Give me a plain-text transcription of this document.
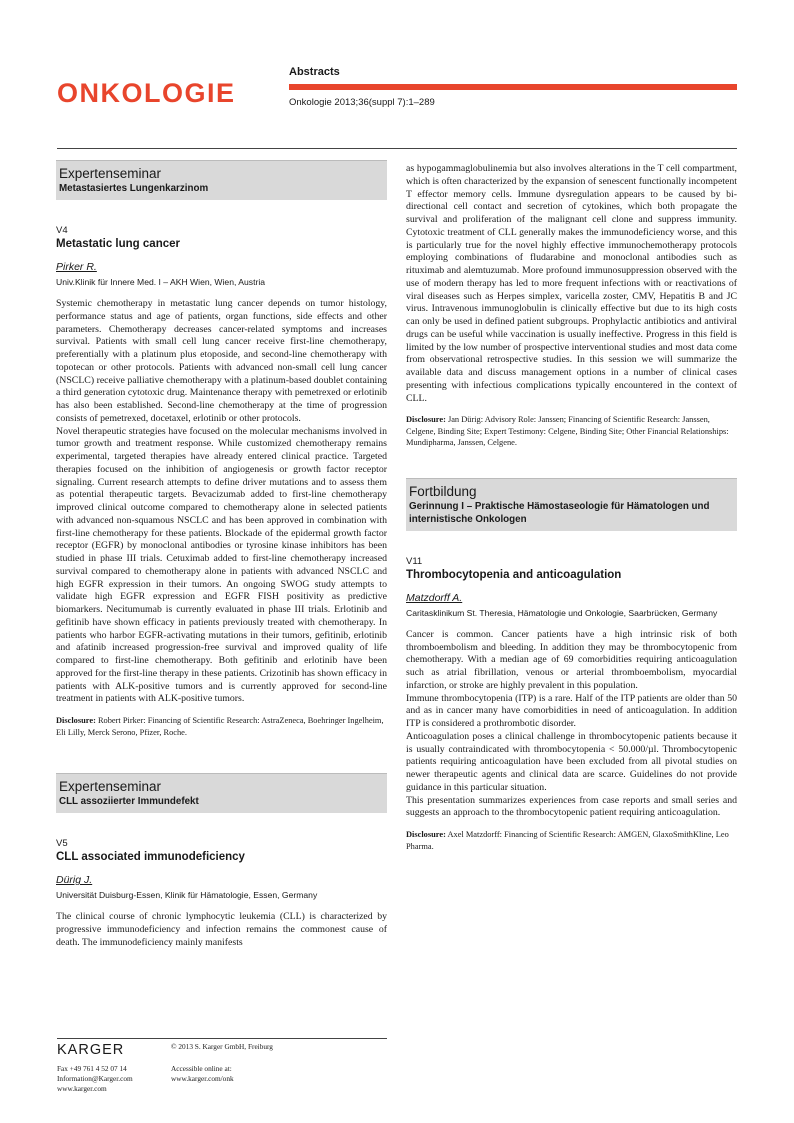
ONKOLOGIE
Abstracts
Onkologie 2013;36(suppl 7):1–289
Expertenseminar
Metastasiertes Lungenkarzinom
V4
Metastatic lung cancer
Pirker R.
Univ.Klinik für Innere Med. I – AKH Wien, Wien, Austria

Systemic chemotherapy in metastatic lung cancer depends on tumor histology, performance status and age of patients, organ functions, side effects and other parameters. Chemotherapy decreases cancer-related symptoms and increases survival. Patients with small cell lung cancer receive first-line chemotherapy, preferentially with a platinum plus etoposide, and second-line chemotherapy with topotecan or other protocols. Patients with advanced non-small cell lung cancer (NSCLC) receive palliative chemotherapy with a platinum-based doublet containing a third generation cytotoxic drug. Maintenance therapy with pemetrexed or erlotinib has also been established. Second-line chemotherapy at the time of progression consists of pemetrexed, docetaxel, erlotinib or other protocols.

Novel therapeutic strategies have focused on the molecular mechanisms involved in tumor growth and treatment response. While customized chemotherapy remains experimental, targeted therapies have already entered clinical practice. Targeted therapies focused on the inhibition of angiogenesis or growth factor receptor signaling. Current research attempts to define driver mutations and to assess them as potential therapeutic targets. Bevacizumab added to first-line chemotherapy improved clinical outcome compared to chemotherapy alone in selected patients with advanced non-squamous NSCLC and has been approved in combination with first-line chemotherapy for these patients. Blockade of the epidermal growth factor receptor (EGFR) by monoclonal antibodies or tyrosine kinase inhibitors has been studied in phase III trials. Cetuximab added to first-line chemotherapy increased survival compared to chemotherapy alone in patients with advanced NSCLC and high EGFR expression in their tumors. An ongoing SWOG study attempts to validate high EGFR expression and EGFR FISH positivity as predictive biomarkers. Necitumumab is currently evaluated in phase III trials. Erlotinib and gefitinib have shown efficacy in patients previously treated with chemotherapy. In patients who harbor EGFR-activating mutations in their tumors, gefitinib, erlotinib and afatinib increased progression-free survival and improved quality of life compared to first-line chemotherapy. Both gefitinib and erlotinib have been approved for the first-line therapy in these patients. Crizotinib has shown efficacy in patients with ALK-positive tumors and is currently approved for second-line treatment in patients with ALK-positive tumors.

Disclosure: Robert Pirker: Financing of Scientific Research: AstraZeneca, Boehringer Ingelheim, Eli Lilly, Merck Serono, Pfizer, Roche.
Expertenseminar
CLL assoziierter Immundefekt
V5
CLL associated immunodeficiency
Dürig J.
Universität Duisburg-Essen, Klinik für Hämatologie, Essen, Germany

The clinical course of chronic lymphocytic leukemia (CLL) is characterized by progressive immunodeficiency and infection remains the commonest cause of death. The immunodeficiency mainly manifests

as hypogammaglobulinemia but also involves alterations in the T cell compartment, which is often characterized by the expansion of senescent functionally incompetent T effector memory cells. Immune dysregulation appears to be caused by bi-directional cell contact and secretion of cytokines, which both propagate the survival and proliferation of the malignant cell clone and suppress immunity. Cytotoxic treatment of CLL generally makes the immunodeficiency worse, and this is particularly true for the novel highly effective immunochemotherapy protocols employing combinations of fludarabine and monoclonal antibodies such as rituximab and alemtuzumab. More profound immunosuppression observed with the use of modern therapy has led to more frequent infections with or reactivations of viral diseases such as Herpes simplex, varicella zoster, CMV, Hepatitis B and JC virus. Intravenous immunoglobulin is clinically effective but due to its high costs can only be used in defined patient subgroups. Prophylactic antibiotics and antiviral drugs can be useful while vaccination is usually ineffective. Progress in this field is limited by the low number of prospective interventional studies and most data come from observational retrospective studies. In this session we will summarize the available data and discuss management options in a number of clinical cases presenting with infectious complications typically encountered in the context of CLL.

Disclosure: Jan Dürig: Advisory Role: Janssen; Financing of Scientific Research: Janssen, Celgene, Binding Site; Expert Testimony: Celgene, Binding Site; Other Financial Relationships: Mundipharma, Janssen, Celgene.
Fortbildung
Gerinnung I – Praktische Hämostaseologie für Hämatologen und internistische Onkologen
V11
Thrombocytopenia and anticoagulation
Matzdorff A.
Caritasklinikum St. Theresia, Hämatologie und Onkologie, Saarbrücken, Germany

Cancer is common. Cancer patients have a high intrinsic risk of both thromboembolism and bleeding. In addition they may be thrombocytopenic from chemotherapy. With a median age of 69 comorbidities requiring anticoagulation such as atrial fibrillation, venous or arterial thromboembolism, myocardial infarction, or stroke are highly prevalent in this population.

Immune thrombocytopenia (ITP) is a rare. Half of the ITP patients are older than 50 and as in cancer many have comorbidities in need of anticoagulation. In addition ITP is considered a prothrombotic disorder.

Anticoagulation poses a clinical challenge in thrombocytopenic patients because it is usually contraindicated with thrombocytopenia < 50.000/µl. Thrombocytopenic patients requiring anticoagulation have been excluded from all pivotal studies on newer therapeutic agents and clinical data are scarce. Guidelines do not provide guidance in this particular situation.

This presentation summarizes experiences from case reports and small series and suggests an approach to the thrombocytopenic patient requiring anticoagulation.

Disclosure: Axel Matzdorff: Financing of Scientific Research: AMGEN, GlaxoSmithKline, Leo Pharma.
KARGER	© 2013 S. Karger GmbH, Freiburg
Fax +49 761 4 52 07 14
Information@Karger.com
www.karger.com
Accessible online at:
www.karger.com/onk
